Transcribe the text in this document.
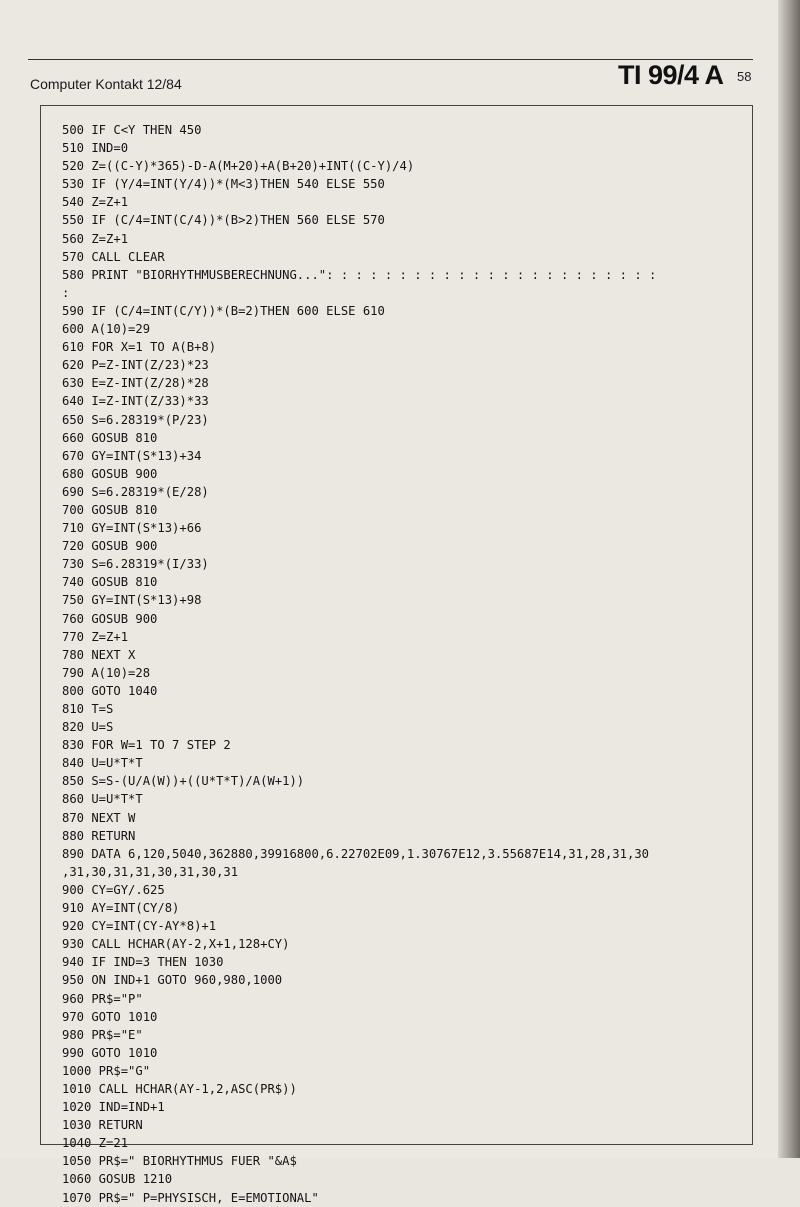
Computer Kontakt 12/84	TI 99/4 A 58
500 IF C<Y THEN 450
510 IND=0
520 Z=((C-Y)*365)-D-A(M+20)+A(B+20)+INT((C-Y)/4)
530 IF (Y/4=INT(Y/4))*(M<3)THEN 540 ELSE 550
540 Z=Z+1
550 IF (C/4=INT(C/4))*(B>2)THEN 560 ELSE 570
560 Z=Z+1
570 CALL CLEAR
580 PRINT "BIORHYTHMUSBERECHNUNG...": : : : : : : : : : : : : : : : : : : : : : :
:
590 IF (C/4=INT(C/Y))*(B=2)THEN 600 ELSE 610
600 A(10)=29
610 FOR X=1 TO A(B+8)
620 P=Z-INT(Z/23)*23
630 E=Z-INT(Z/28)*28
640 I=Z-INT(Z/33)*33
650 S=6.28319*(P/23)
660 GOSUB 810
670 GY=INT(S*13)+34
680 GOSUB 900
690 S=6.28319*(E/28)
700 GOSUB 810
710 GY=INT(S*13)+66
720 GOSUB 900
730 S=6.28319*(I/33)
740 GOSUB 810
750 GY=INT(S*13)+98
760 GOSUB 900
770 Z=Z+1
780 NEXT X
790 A(10)=28
800 GOTO 1040
810 T=S
820 U=S
830 FOR W=1 TO 7 STEP 2
840 U=U*T*T
850 S=S-(U/A(W))+((U*T*T)/A(W+1))
860 U=U*T*T
870 NEXT W
880 RETURN
890 DATA 6,120,5040,362880,39916800,6.22702E09,1.30767E12,3.55687E14,31,28,31,30
,31,30,31,31,30,31,30,31
900 CY=GY/.625
910 AY=INT(CY/8)
920 CY=INT(CY-AY*8)+1
930 CALL HCHAR(AY-2,X+1,128+CY)
940 IF IND=3 THEN 1030
950 ON IND+1 GOTO 960,980,1000
960 PR$="P"
970 GOTO 1010
980 PR$="E"
990 GOTO 1010
1000 PR$="G"
1010 CALL HCHAR(AY-1,2,ASC(PR$))
1020 IND=IND+1
1030 RETURN
1040 Z=21
1050 PR$=" BIORHYTHMUS FUER "&A$
1060 GOSUB 1210
1070 PR$=" P=PHYSISCH, E=EMOTIONAL"
